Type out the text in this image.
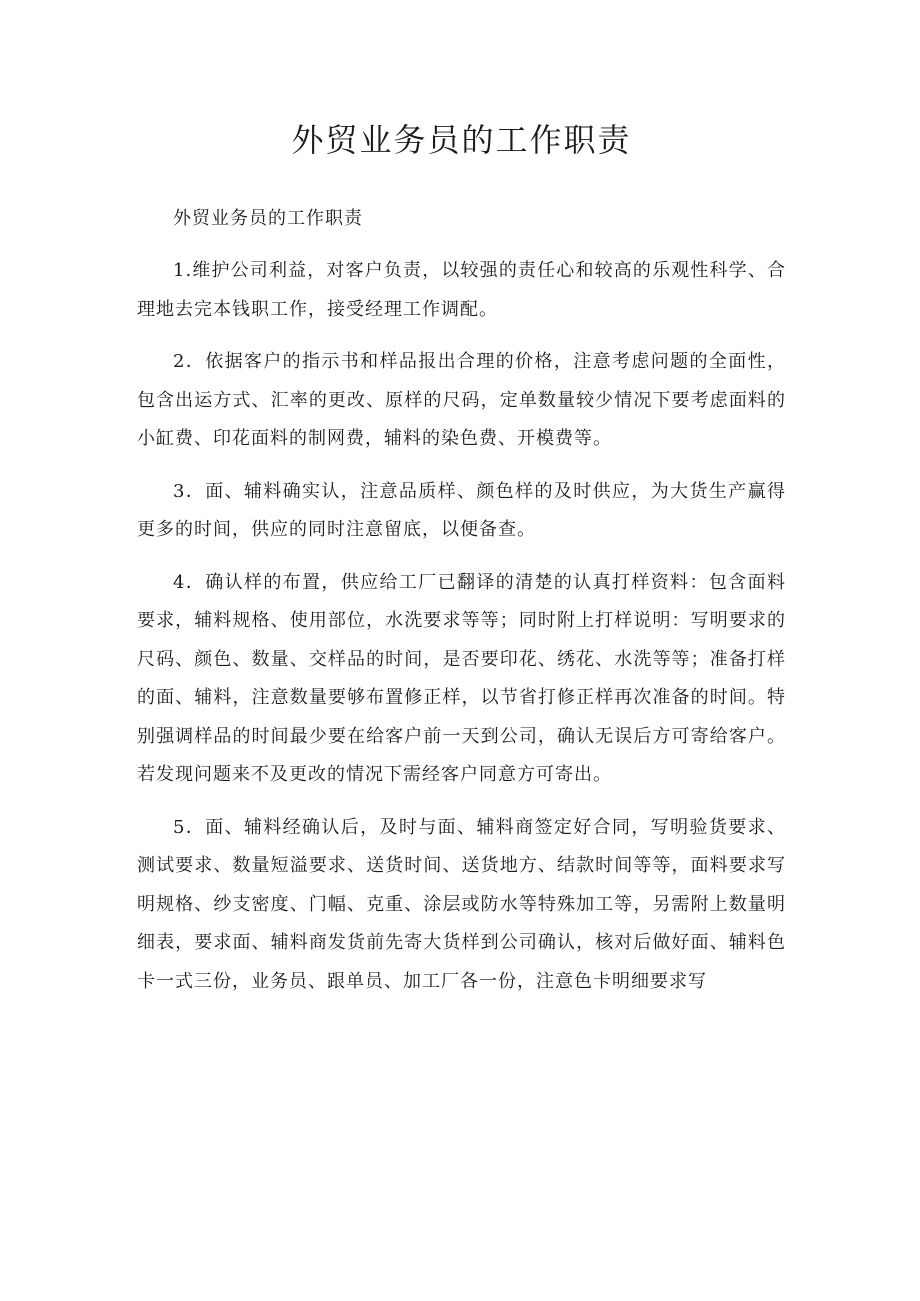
外贸业务员的工作职责

外贸业务员的工作职责

1.维护公司利益，对客户负责，以较强的责任心和较高的乐观性科学、合理地去完本钱职工作，接受经理工作调配。

2．依据客户的指示书和样品报出合理的价格，注意考虑问题的全面性，包含出运方式、汇率的更改、原样的尺码，定单数量较少情况下要考虑面料的小缸费、印花面料的制网费，辅料的染色费、开模费等。

3．面、辅料确实认，注意品质样、颜色样的及时供应，为大货生产赢得更多的时间，供应的同时注意留底，以便备查。

4．确认样的布置，供应给工厂已翻译的清楚的认真打样资料：包含面料要求，辅料规格、使用部位，水洗要求等等；同时附上打样说明：写明要求的尺码、颜色、数量、交样品的时间，是否要印花、绣花、水洗等等；准备打样的面、辅料，注意数量要够布置修正样，以节省打修正样再次准备的时间。特别强调样品的时间最少要在给客户前一天到公司，确认无误后方可寄给客户。若发现问题来不及更改的情况下需经客户同意方可寄出。

5．面、辅料经确认后，及时与面、辅料商签定好合同，写明验货要求、测试要求、数量短溢要求、送货时间、送货地方、结款时间等等，面料要求写明规格、纱支密度、门幅、克重、涂层或防水等特殊加工等，另需附上数量明细表，要求面、辅料商发货前先寄大货样到公司确认，核对后做好面、辅料色卡一式三份，业务员、跟单员、加工厂各一份，注意色卡明细要求写
